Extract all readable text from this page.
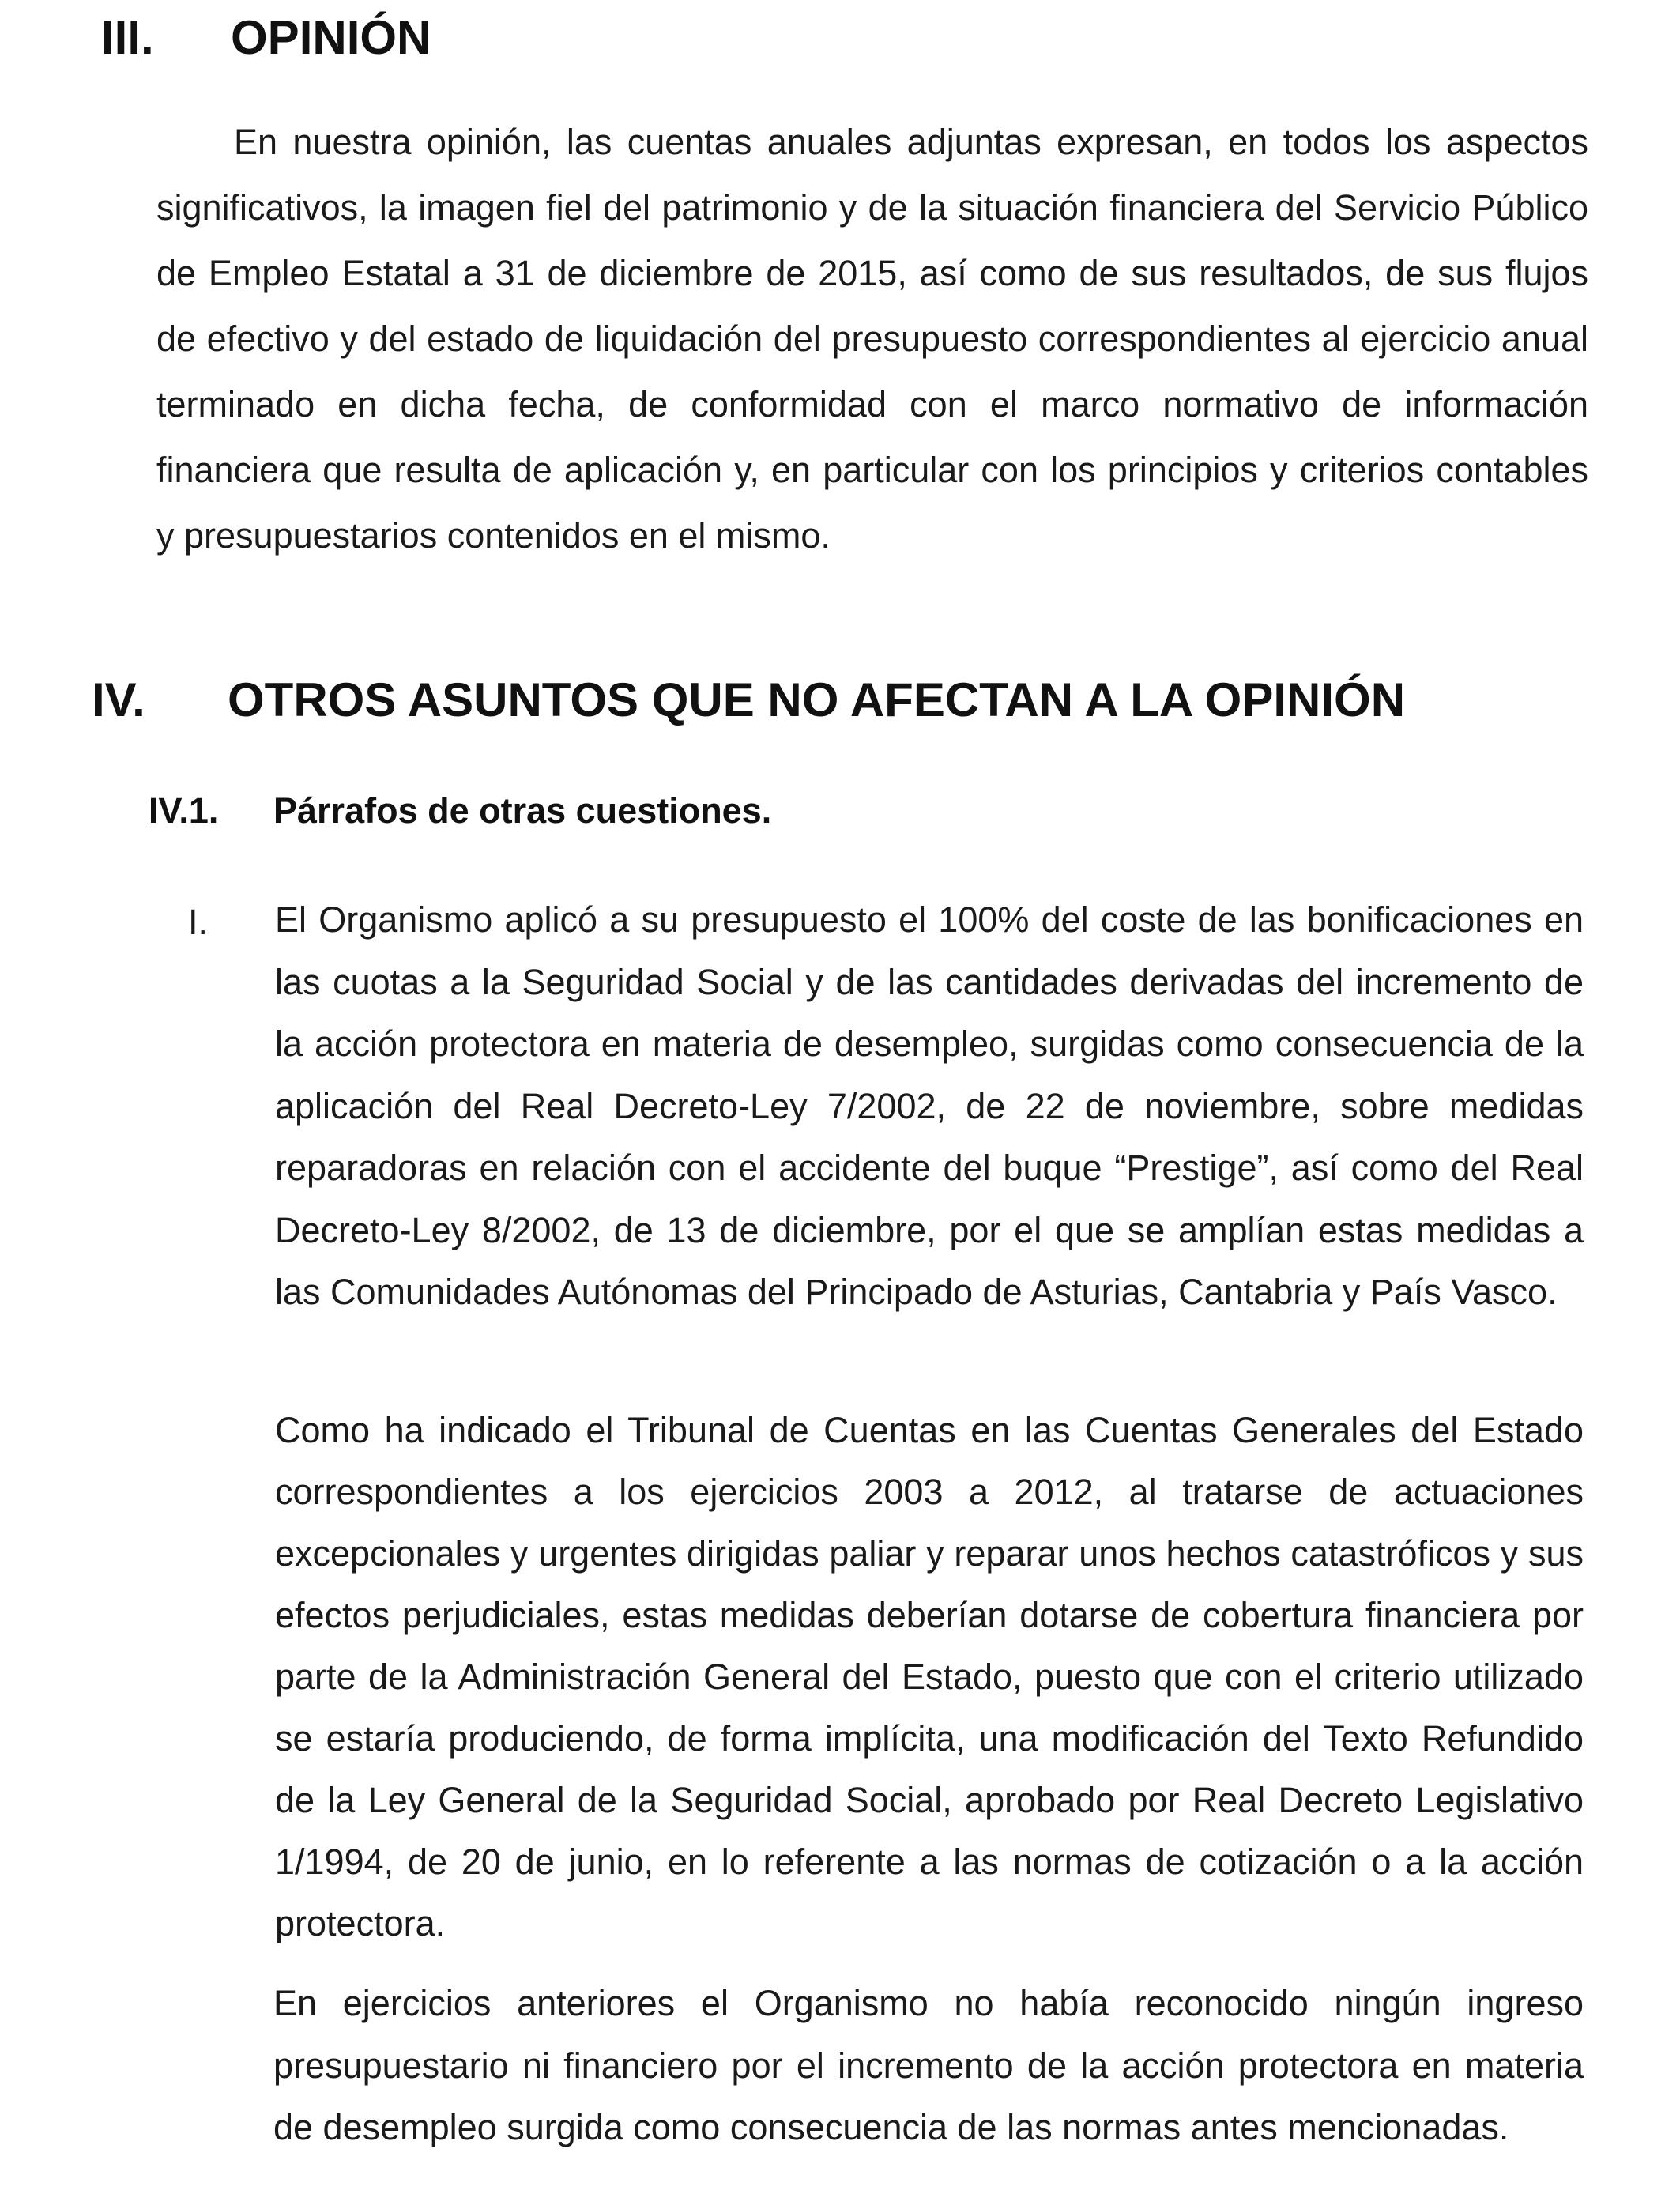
III. OPINIÓN

En nuestra opinión, las cuentas anuales adjuntas expresan, en todos los aspectos significativos, la imagen fiel del patrimonio y de la situación financiera del Servicio Público de Empleo Estatal a 31 de diciembre de 2015, así como de sus resultados, de sus flujos de efectivo y del estado de liquidación del presupuesto correspondientes al ejercicio anual terminado en dicha fecha, de conformidad con el marco normativo de información financiera que resulta de aplicación y, en particular con los principios y criterios contables y presupuestarios contenidos en el mismo.

IV. OTROS ASUNTOS QUE NO AFECTAN A LA OPINIÓN
IV.1. Párrafos de otras cuestiones.

I. El Organismo aplicó a su presupuesto el 100% del coste de las bonificaciones en las cuotas a la Seguridad Social y de las cantidades derivadas del incremento de la acción protectora en materia de desempleo, surgidas como consecuencia de la aplicación del Real Decreto-Ley 7/2002, de 22 de noviembre, sobre medidas reparadoras en relación con el accidente del buque “Prestige”, así como del Real Decreto-Ley 8/2002, de 13 de diciembre, por el que se amplían estas medidas a las Comunidades Autónomas del Principado de Asturias, Cantabria y País Vasco.

Como ha indicado el Tribunal de Cuentas en las Cuentas Generales del Estado correspondientes a los ejercicios 2003 a 2012, al tratarse de actuaciones excepcionales y urgentes dirigidas paliar y reparar unos hechos catastróficos y sus efectos perjudiciales, estas medidas deberían dotarse de cobertura financiera por parte de la Administración General del Estado, puesto que con el criterio utilizado se estaría produciendo, de forma implícita, una modificación del Texto Refundido de la Ley General de la Seguridad Social, aprobado por Real Decreto Legislativo 1/1994, de 20 de junio, en lo referente a las normas de cotización o a la acción protectora.

En ejercicios anteriores el Organismo no había reconocido ningún ingreso presupuestario ni financiero por el incremento de la acción protectora en materia de desempleo surgida como consecuencia de las normas antes mencionadas.
